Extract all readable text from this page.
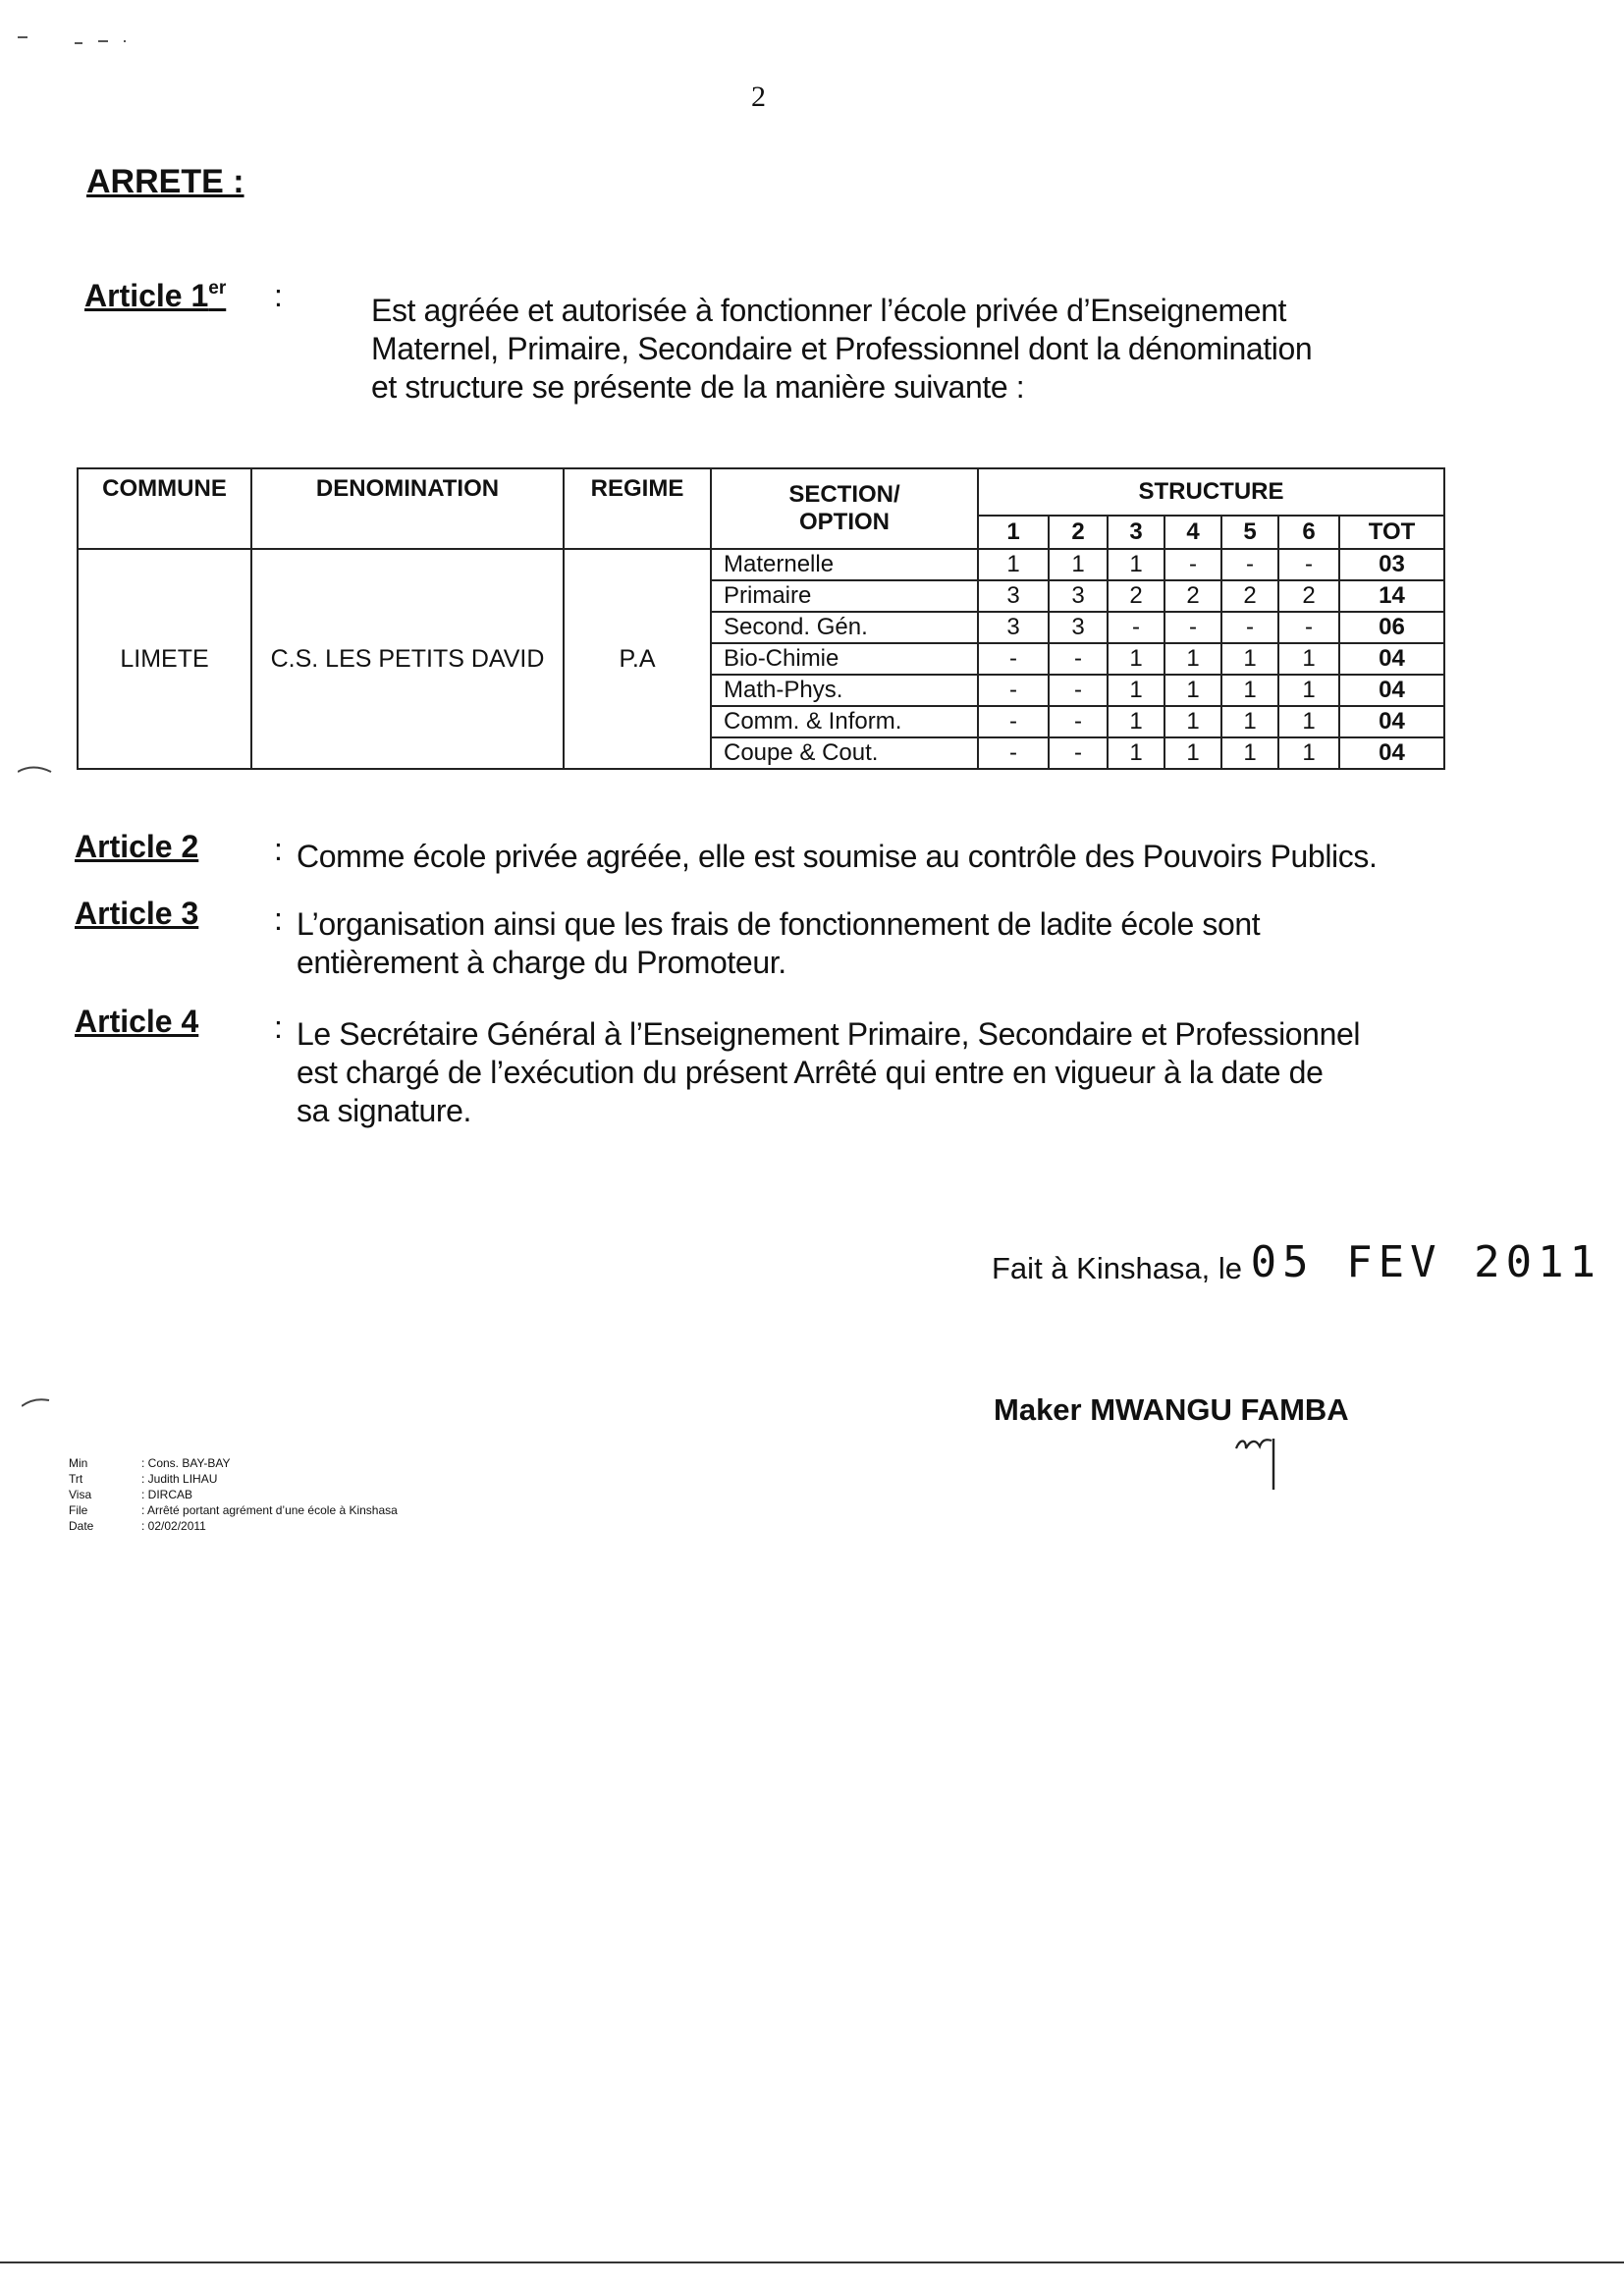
2
ARRETE :
Article 1er :	Est agréée et autorisée à fonctionner l’école privée d’Enseignement
Maternel, Primaire, Secondaire et Professionnel dont la dénomination
et structure se présente de la manière suivante :
COMMUNE	DENOMINATION	REGIME	SECTION/
OPTION	STRUCTURE						
				1	2	3	4	5	6	TOT
LIMETE	C.S. LES PETITS DAVID	P.A	Maternelle	1	1	1	-	-	-	03
			Primaire	3	3	2	2	2	2	14
			Second. Gén.	3	3	-	-	-	-	06
			Bio-Chimie	-	-	1	1	1	1	04
			Math-Phys.	-	-	1	1	1	1	04
			Comm. & Inform.	-	-	1	1	1	1	04
			Coupe & Cout.	-	-	1	1	1	1	04
Article 2 : Comme école privée agréée, elle est soumise au contrôle des Pouvoirs Publics.
Article 3 : L’organisation ainsi que les frais de fonctionnement de ladite école sont
entièrement à charge du Promoteur.
Article 4 : Le Secrétaire Général à l’Enseignement Primaire, Secondaire et Professionnel
est chargé de l’exécution du présent Arrêté qui entre en vigueur à la date de
sa signature.
Fait à Kinshasa, le 05 FEV 2011
Maker MWANGU FAMBA
Min	: Cons. BAY-BAY
Trt	: Judith LIHAU
Visa	: DIRCAB
File	: Arrêté portant agrément d’une école à Kinshasa
Date	: 02/02/2011
